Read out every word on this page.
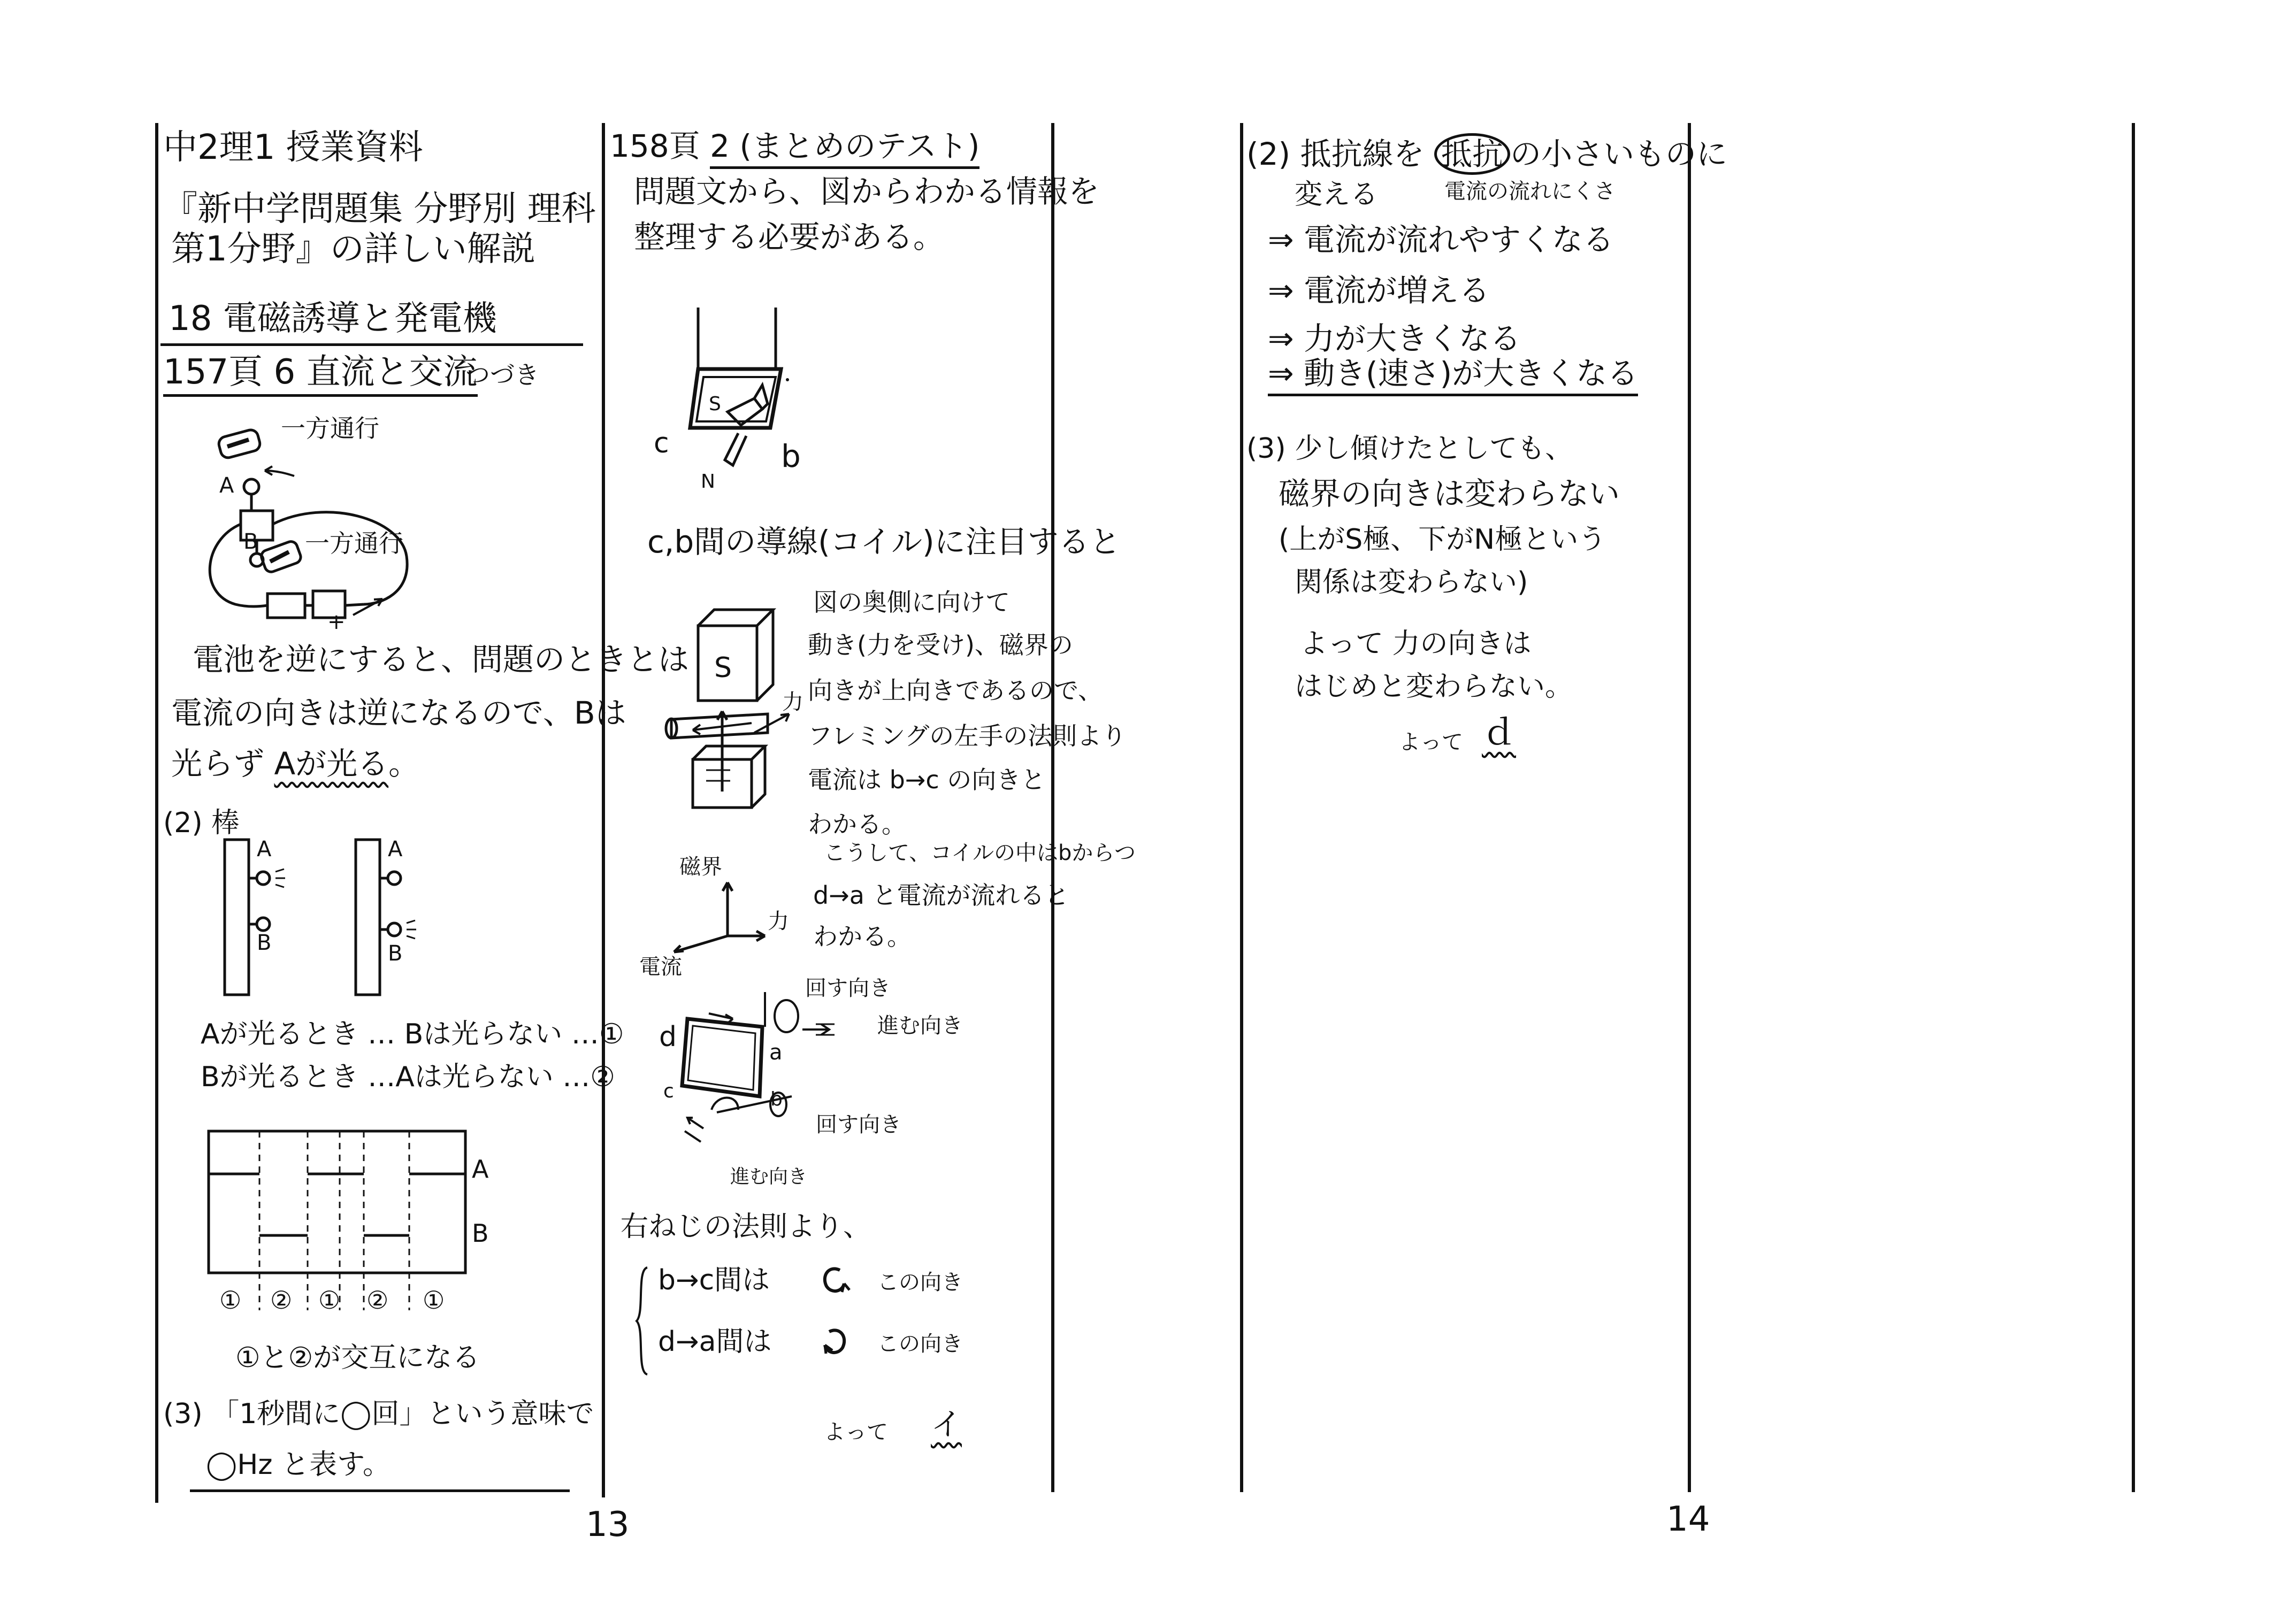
13	14
中2理1 授業資料
『新中学問題集 分野別 理科
第1分野』の詳しい解説
18 電磁誘導と発電機
157頁 6 直流と交流
つづき
一方通行
一方通行
A
B
+
電池を逆にすると、問題のときとは
電流の向きは逆になるので、Bは
光らず Aが光る。
(2) 棒
A
B
A
B
Aが光るとき … Bは光らない …①
Bが光るとき …Aは光らない …②
A
B
① ② ① ② ①
①と②が交互になる
(3) 「1秒間に◯回」という意味で
◯Hz と表す。
158頁 2 (まとめのテスト)
問題文から、図からわかる情報を
整理する必要がある。
S
N
c	b
c,b間の導線(コイル)に注目すると
S
力
図の奥側に向けて
動き(力を受け)、磁界の
向きが上向きであるので、
フレミングの左手の法則より
電流は b→c の向きと
わかる。
こうして、コイルの中はbからつ
d→a と電流が流れると
わかる。
磁界
力
電流
d	a
c	b
回す向き
進む向き
回す向き
進む向き
右ねじの法則より、
b→c間は
d→a間は
この向き
この向き
よって イ
(2) 抵抗線を 抵抗 の小さいものに
変える	電流の流れにくさ
⇒ 電流が流れやすくなる
⇒ 電流が増える
⇒ 力が大きくなる
⇒ 動き(速さ)が大きくなる
(3) 少し傾けたとしても、
磁界の向きは変わらない
(上がS極、下がN極という
関係は変わらない)
よって 力の向きは
はじめと変わらない。
よって ｄ
